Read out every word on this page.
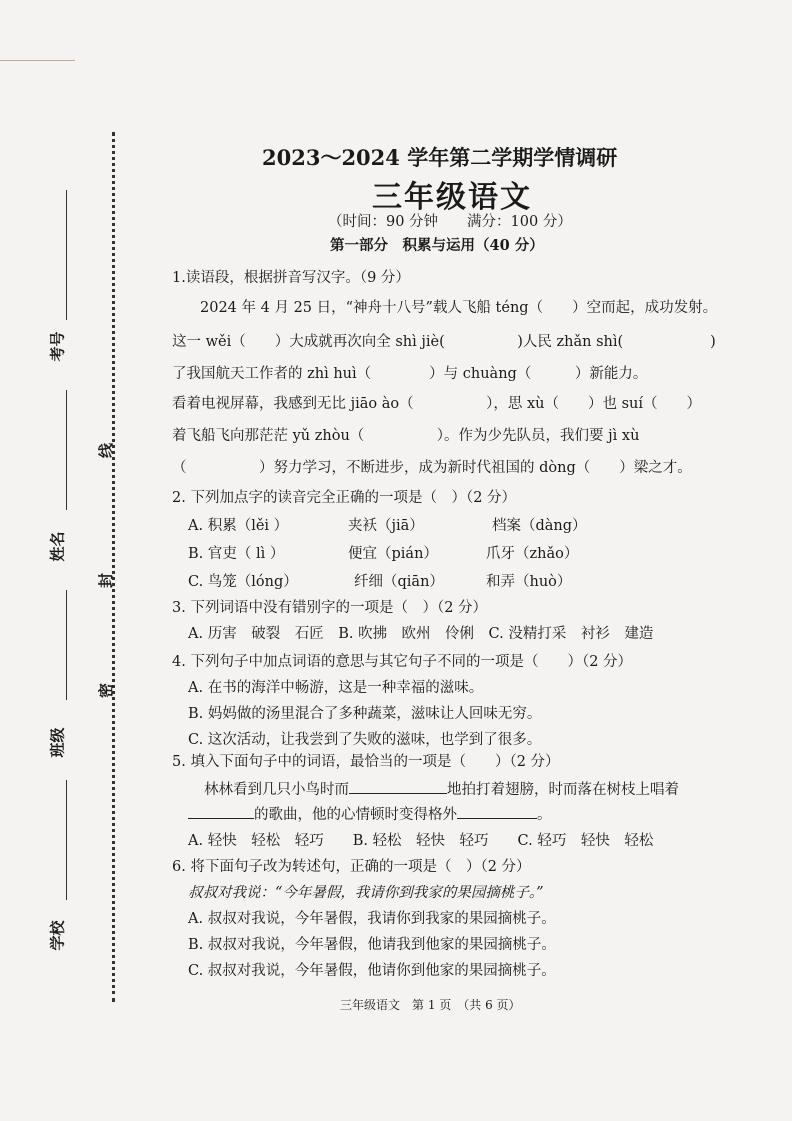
考号
姓名
班级
学校
线
封
密
2023～2024 学年第二学期学情调研
三年级语文
（时间：90 分钟　　满分：100 分）
第一部分　积累与运用（40 分）
1.读语段，根据拼音写汉字。（9 分）
2024 年 4 月 25 日，“神舟十八号”载人飞船 téng（　　）空而起，成功发射。
这一 wěi（　　）大成就再次向全 shì jiè(　　　　　)人民 zhǎn shì(　　　　　　)
了我国航天工作者的 zhì huì（　　　　）与 chuàng（　　　）新能力。
看着电视屏幕，我感到无比 jiāo ào（　　　　　），思 xù（　　）也 suí（　　）
着飞船飞向那茫茫 yǔ zhòu（　　　　　）。作为少先队员，我们要 jì xù
（　　　　　）努力学习，不断进步，成为新时代祖国的 dòng（　　）梁之才。
2. 下列加点字的读音完全正确的一项是（　）（2 分）
A. 积累（lěi ）	夹袄（jiā）	档案（dàng）
B. 官吏（ lì ）	便宜（pián）	爪牙（zhǎo）
C. 鸟笼（lóng）	纤细（qiān）	和弄（huò）
3. 下列词语中没有错别字的一项是（　）（2 分）
A. 历害　破裂　石匠　B. 吹拂　欧州　伶俐　C. 没精打采　衬衫　建造
4. 下列句子中加点词语的意思与其它句子不同的一项是（　　）（2 分）
A. 在书的海洋中畅游，这是一种幸福的滋味。
B. 妈妈做的汤里混合了多种蔬菜，滋味让人回味无穷。
C. 这次活动，让我尝到了失败的滋味，也学到了很多。
5. 填入下面句子中的词语，最恰当的一项是（　　）（2 分）
林林看到几只小鸟时而	地拍打着翅膀，时而落在树枝上唱着
的歌曲，他的心情顿时变得格外	。
A. 轻快　轻松　轻巧　　B. 轻松　轻快　轻巧　　C. 轻巧　轻快　轻松
6. 将下面句子改为转述句，正确的一项是（　）（2 分）
叔叔对我说：“今年暑假，我请你到我家的果园摘桃子。”
A. 叔叔对我说，今年暑假，我请你到我家的果园摘桃子。
B. 叔叔对我说，今年暑假，他请我到他家的果园摘桃子。
C. 叔叔对我说，今年暑假，他请你到他家的果园摘桃子。
三年级语文　第 1 页　（共 6 页）
